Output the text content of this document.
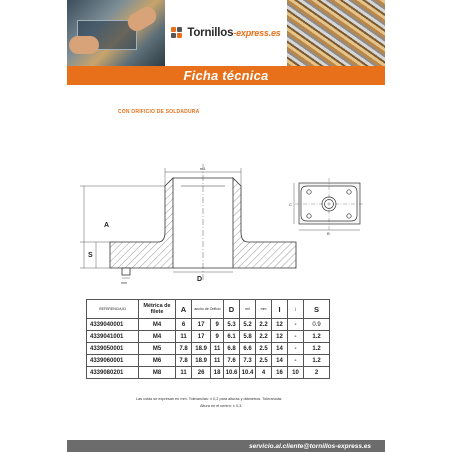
Tornillos-express.es
Ficha técnica
CON ORIFICIO DE SOLDADURA
m1
A
S
D
mm
B
C
REFERENCIA ID	Métrica de filete	A	ancho de Orificio		D	mil	mm	I	j	S
4339040001	M4	6	17	9	5.3	5.2	2.2	12	-	0.9
4339041001	M4	11	17	9	6.1	5.8	2.2	12	-	1.2
4339050001	M5	7.8	18.9	11	6.8	6.6	2.5	14	-	1.2
4339060001	M6	7.8	18.9	11	7.6	7.3	2.5	14	-	1.2
4339080201	M8	11	26	18	10.6	10.4	4	16	10	2
Las cotas se expresan en mm. Tolerancias: ± 0,2 para alturas y diámetros. Tolerancias
Altura en el centro: ± 0,3.
servicio.al.cliente@tornillos-express.es
